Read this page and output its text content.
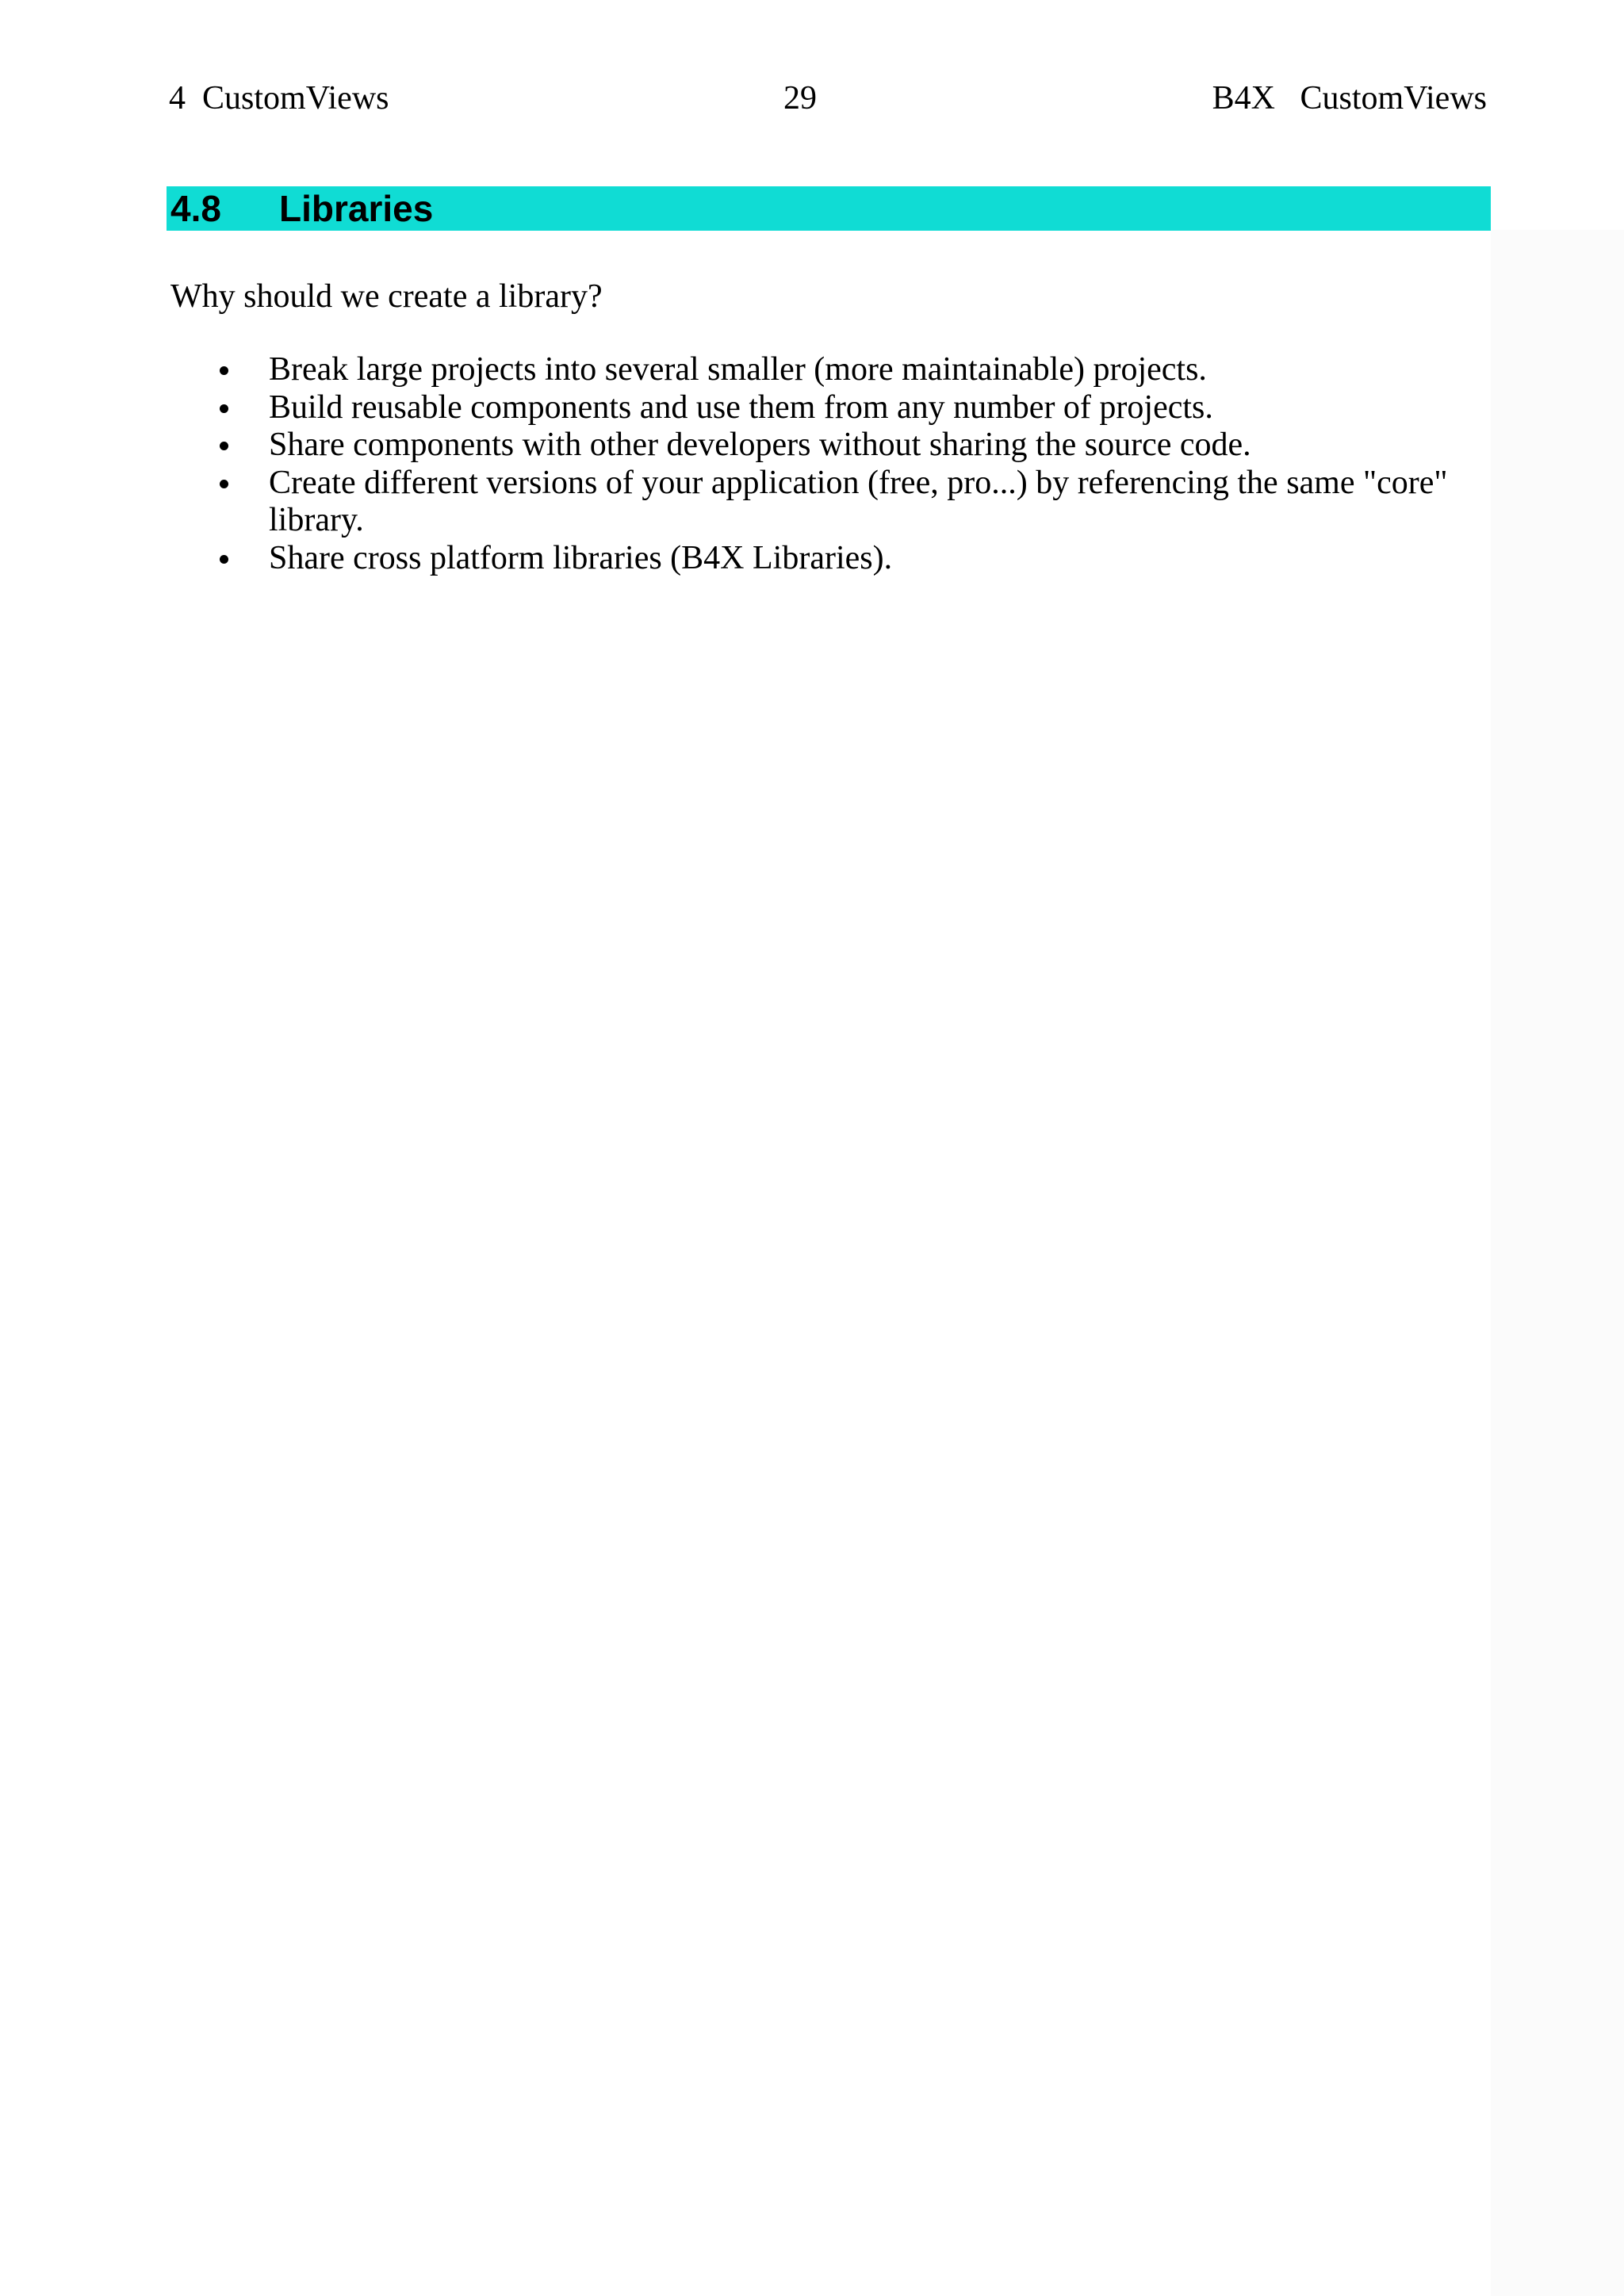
4  CustomViews	29	B4X   CustomViews
4.8 Libraries

Why should we create a library?

Break large projects into several smaller (more maintainable) projects.
Build reusable components and use them from any number of projects.
Share components with other developers without sharing the source code.
Create different versions of your application (free, pro...) by referencing the same "core" library.
Share cross platform libraries (B4X Libraries).
